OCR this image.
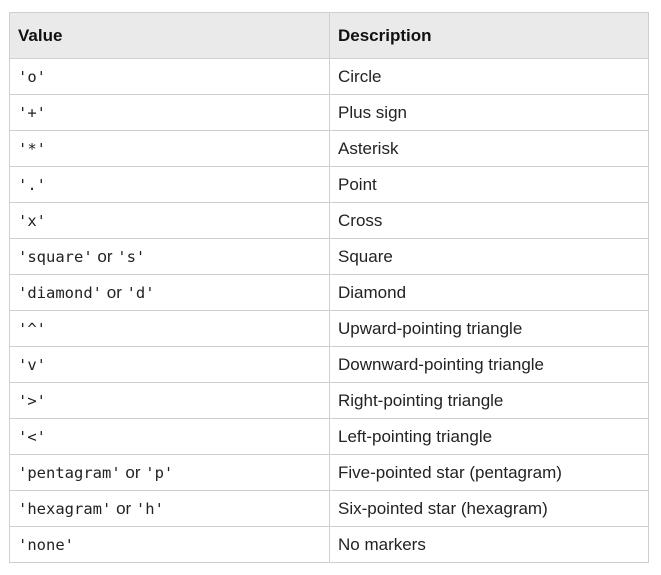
Value	Description
'o'	Circle
'+'	Plus sign
'*'	Asterisk
'.'	Point
'x'	Cross
'square' or 's'	Square
'diamond' or 'd'	Diamond
'^'	Upward-pointing triangle
'v'	Downward-pointing triangle
'>'	Right-pointing triangle
'<'	Left-pointing triangle
'pentagram' or 'p'	Five-pointed star (pentagram)
'hexagram' or 'h'	Six-pointed star (hexagram)
'none'	No markers
